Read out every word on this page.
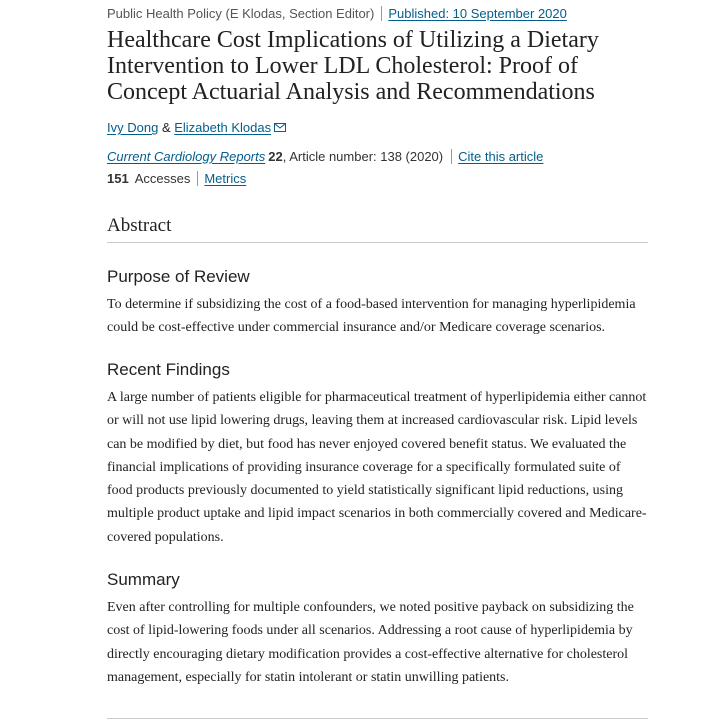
Public Health Policy (E Klodas, Section Editor) Published: 10 September 2020
Healthcare Cost Implications of Utilizing a Dietary Intervention to Lower LDL Cholesterol: Proof of Concept Actuarial Analysis and Recommendations
Ivy Dong & Elizabeth Klodas
Current Cardiology Reports 22, Article number: 138 (2020) Cite this article
151 Accesses Metrics
Abstract
Purpose of Review

To determine if subsidizing the cost of a food-based intervention for managing hyperlipidemia could be cost-effective under commercial insurance and/or Medicare coverage scenarios.

Recent Findings

A large number of patients eligible for pharmaceutical treatment of hyperlipidemia either cannot or will not use lipid lowering drugs, leaving them at increased cardiovascular risk. Lipid levels can be modified by diet, but food has never enjoyed covered benefit status. We evaluated the financial implications of providing insurance coverage for a specifically formulated suite of food products previously documented to yield statistically significant lipid reductions, using multiple product uptake and lipid impact scenarios in both commercially covered and Medicare-covered populations.

Summary

Even after controlling for multiple confounders, we noted positive payback on subsidizing the cost of lipid-lowering foods under all scenarios. Addressing a root cause of hyperlipidemia by directly encouraging dietary modification provides a cost-effective alternative for cholesterol management, especially for statin intolerant or statin unwilling patients.
